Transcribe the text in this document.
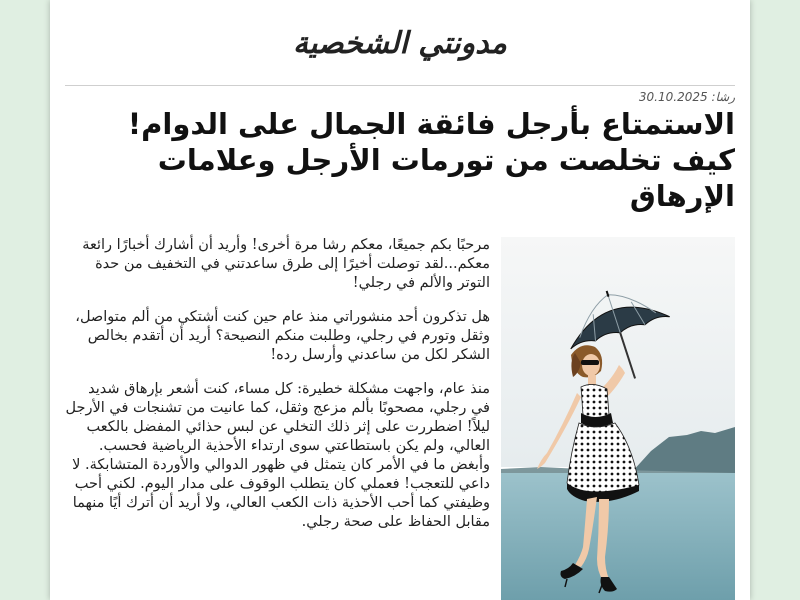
مدونتي الشخصية
رشا: 30.10.2025
الاستمتاع بأرجل فائقة الجمال على الدوام! كيف تخلصت من تورمات الأرجل وعلامات الإرهاق

مرحبًا بكم جميعًا، معكم رشا مرة أخرى! وأريد أن أشارك أخبارًا رائعة معكم...لقد توصلت أخيرًا إلى طرق ساعدتني في التخفيف من حدة التوتر والألم في رجلي!

هل تذكرون أحد منشوراتي منذ عام حين كنت أشتكي من ألم متواصل، وثقل وتورم في رجلي، وطلبت منكم النصيحة؟ أريد أن أتقدم بخالص الشكر لكل من ساعدني وأرسل رده!

منذ عام، واجهت مشكلة خطيرة: كل مساء، كنت أشعر بإرهاق شديد في رجلي، مصحوبًا بألم مزعج وثقل، كما عانيت من تشنجات في الأرجل ليلاً! اضطررت على إثر ذلك التخلي عن لبس حذائي المفضل بالكعب العالي، ولم يكن باستطاعتي سوى ارتداء الأحذية الرياضية فحسب. وأبغض ما في الأمر كان يتمثل في ظهور الدوالي والأوردة المتشابكة. لا داعي للتعجب! فعملي كان يتطلب الوقوف على مدار اليوم. لكني أحب وظيفتي كما أحب الأحذية ذات الكعب العالي، ولا أريد أن أترك أيًا منهما مقابل الحفاظ على صحة رجلي.
